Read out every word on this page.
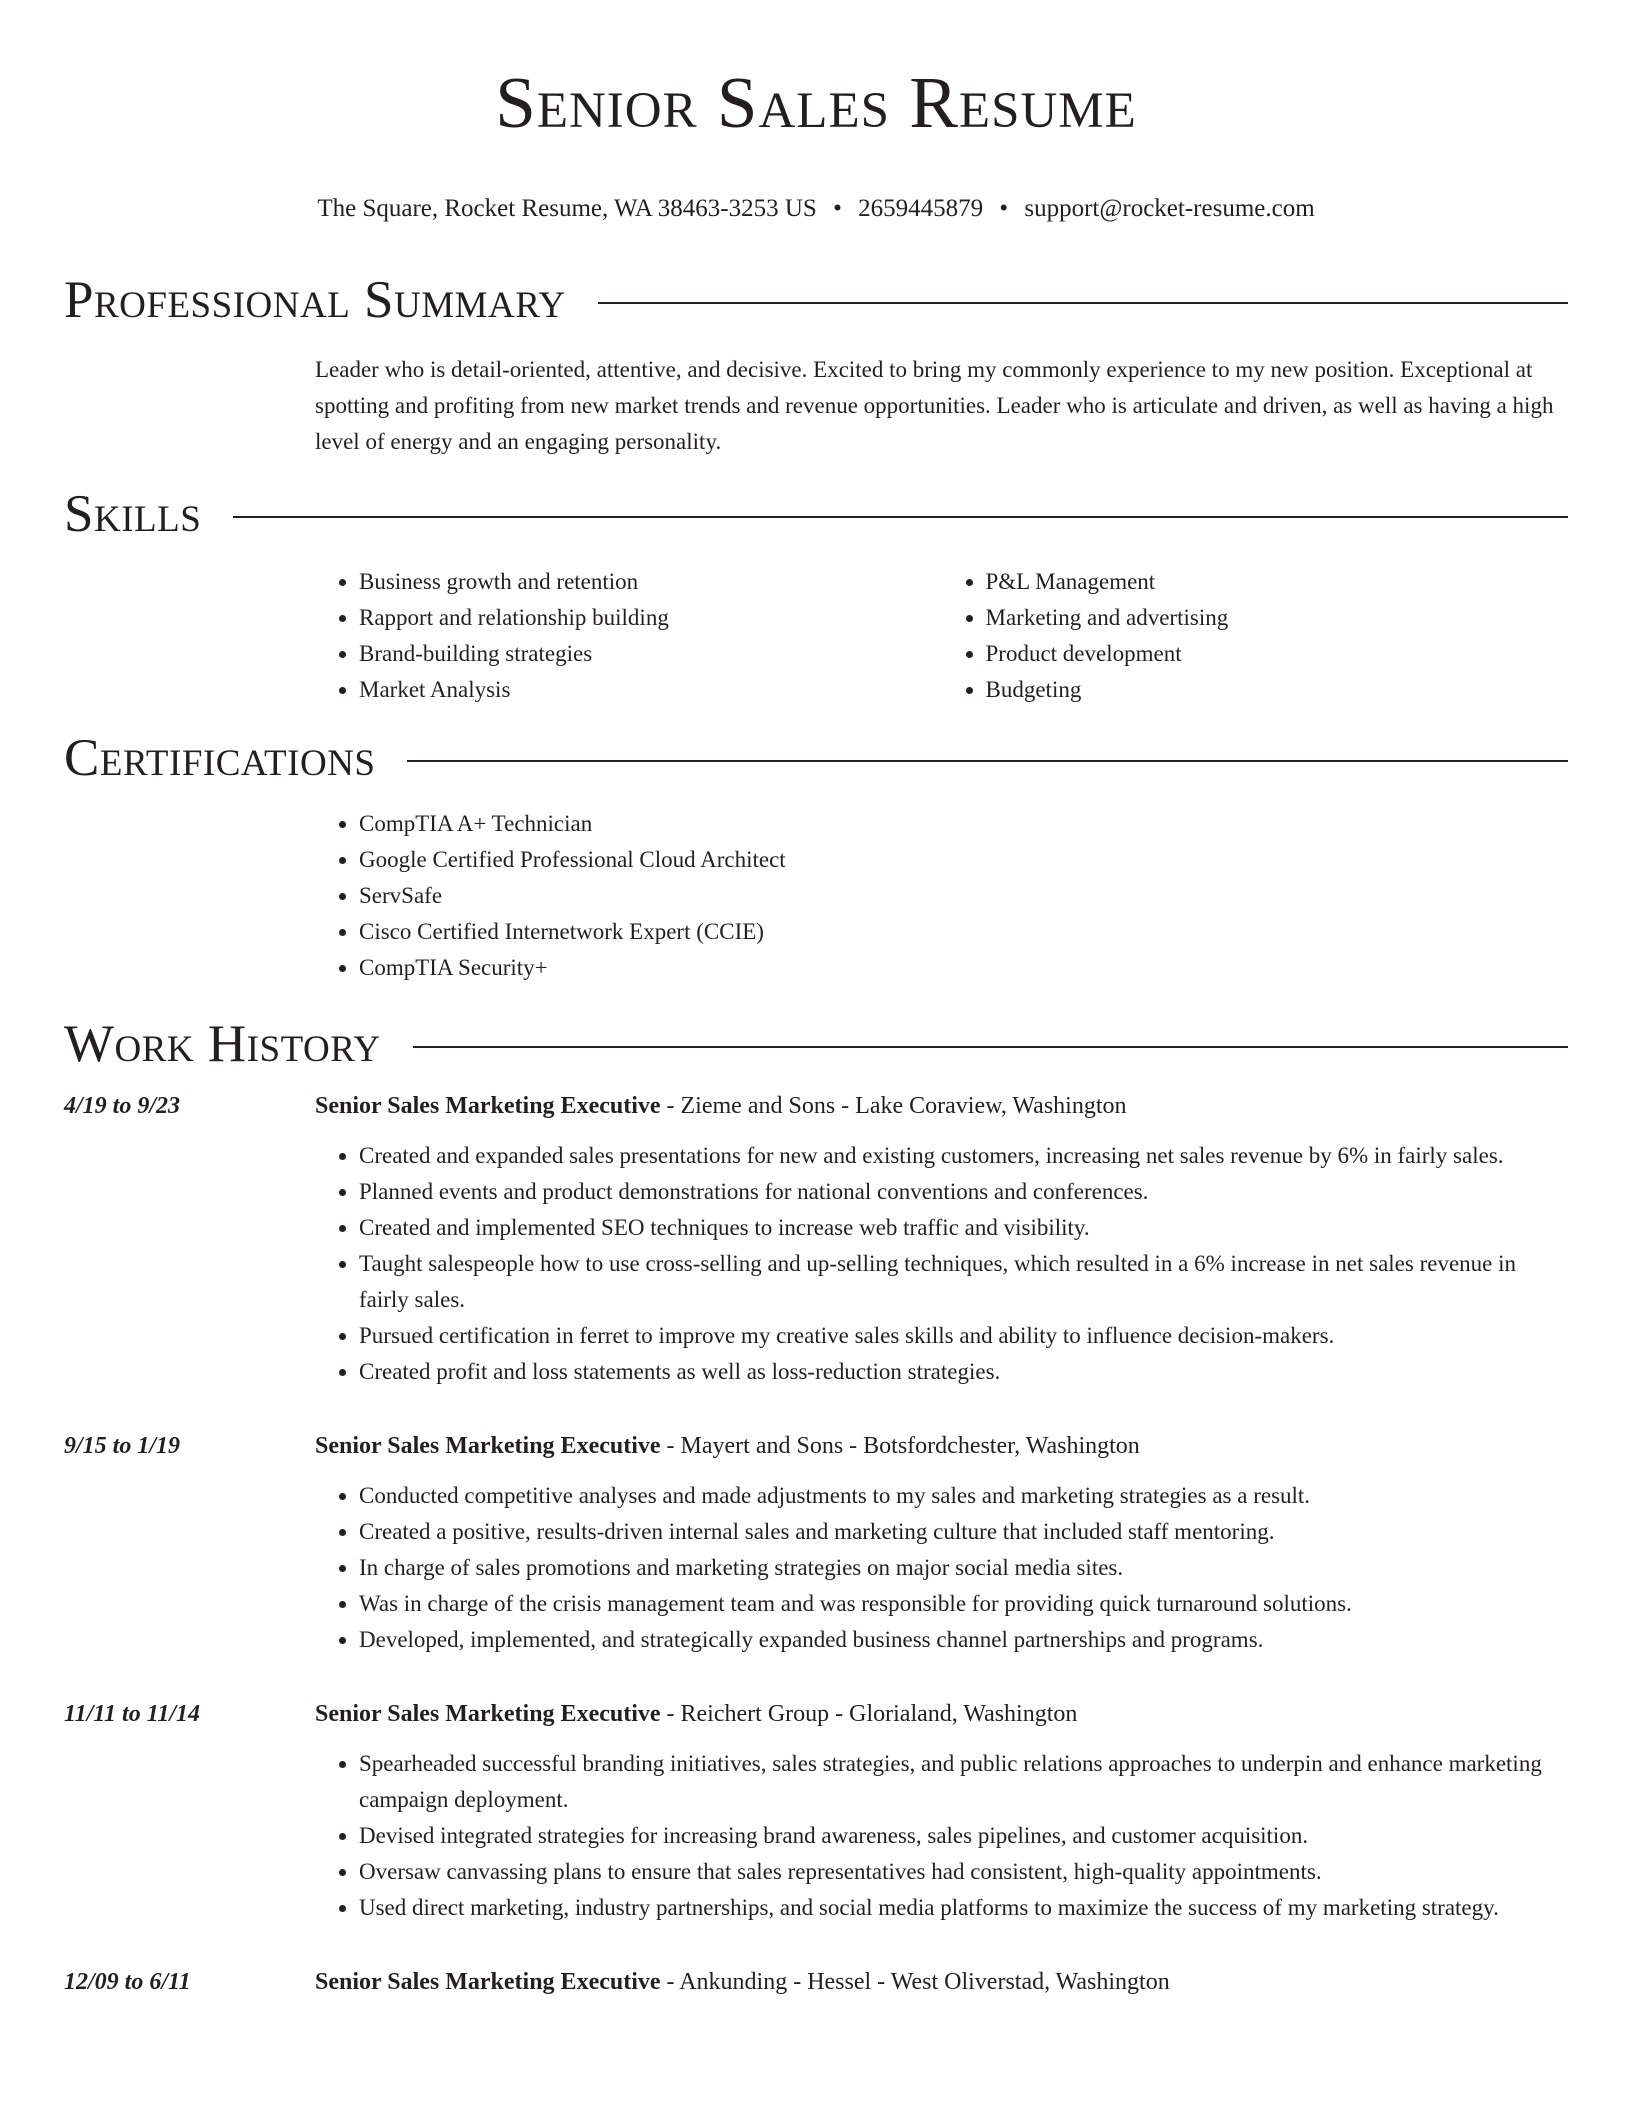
Senior Sales Resume
The Square, Rocket Resume, WA 38463-3253 US • 2659445879 • support@rocket-resume.com
Professional Summary
Leader who is detail-oriented, attentive, and decisive. Excited to bring my commonly experience to my new position. Exceptional at spotting and profiting from new market trends and revenue opportunities. Leader who is articulate and driven, as well as having a high level of energy and an engaging personality.
Skills
• Business growth and retention
• Rapport and relationship building
• Brand-building strategies
• Market Analysis
• P&L Management
• Marketing and advertising
• Product development
• Budgeting
Certifications
• CompTIA A+ Technician
• Google Certified Professional Cloud Architect
• ServSafe
• Cisco Certified Internetwork Expert (CCIE)
• CompTIA Security+
Work History
4/19 to 9/23	Senior Sales Marketing Executive - Zieme and Sons - Lake Coraview, Washington
• Created and expanded sales presentations for new and existing customers, increasing net sales revenue by 6% in fairly sales.
• Planned events and product demonstrations for national conventions and conferences.
• Created and implemented SEO techniques to increase web traffic and visibility.
• Taught salespeople how to use cross-selling and up-selling techniques, which resulted in a 6% increase in net sales revenue in fairly sales.
• Pursued certification in ferret to improve my creative sales skills and ability to influence decision-makers.
• Created profit and loss statements as well as loss-reduction strategies.
9/15 to 1/19	Senior Sales Marketing Executive - Mayert and Sons - Botsfordchester, Washington
• Conducted competitive analyses and made adjustments to my sales and marketing strategies as a result.
• Created a positive, results-driven internal sales and marketing culture that included staff mentoring.
• In charge of sales promotions and marketing strategies on major social media sites.
• Was in charge of the crisis management team and was responsible for providing quick turnaround solutions.
• Developed, implemented, and strategically expanded business channel partnerships and programs.
11/11 to 11/14	Senior Sales Marketing Executive - Reichert Group - Glorialand, Washington
• Spearheaded successful branding initiatives, sales strategies, and public relations approaches to underpin and enhance marketing campaign deployment.
• Devised integrated strategies for increasing brand awareness, sales pipelines, and customer acquisition.
• Oversaw canvassing plans to ensure that sales representatives had consistent, high-quality appointments.
• Used direct marketing, industry partnerships, and social media platforms to maximize the success of my marketing strategy.
12/09 to 6/11	Senior Sales Marketing Executive - Ankunding - Hessel - West Oliverstad, Washington
